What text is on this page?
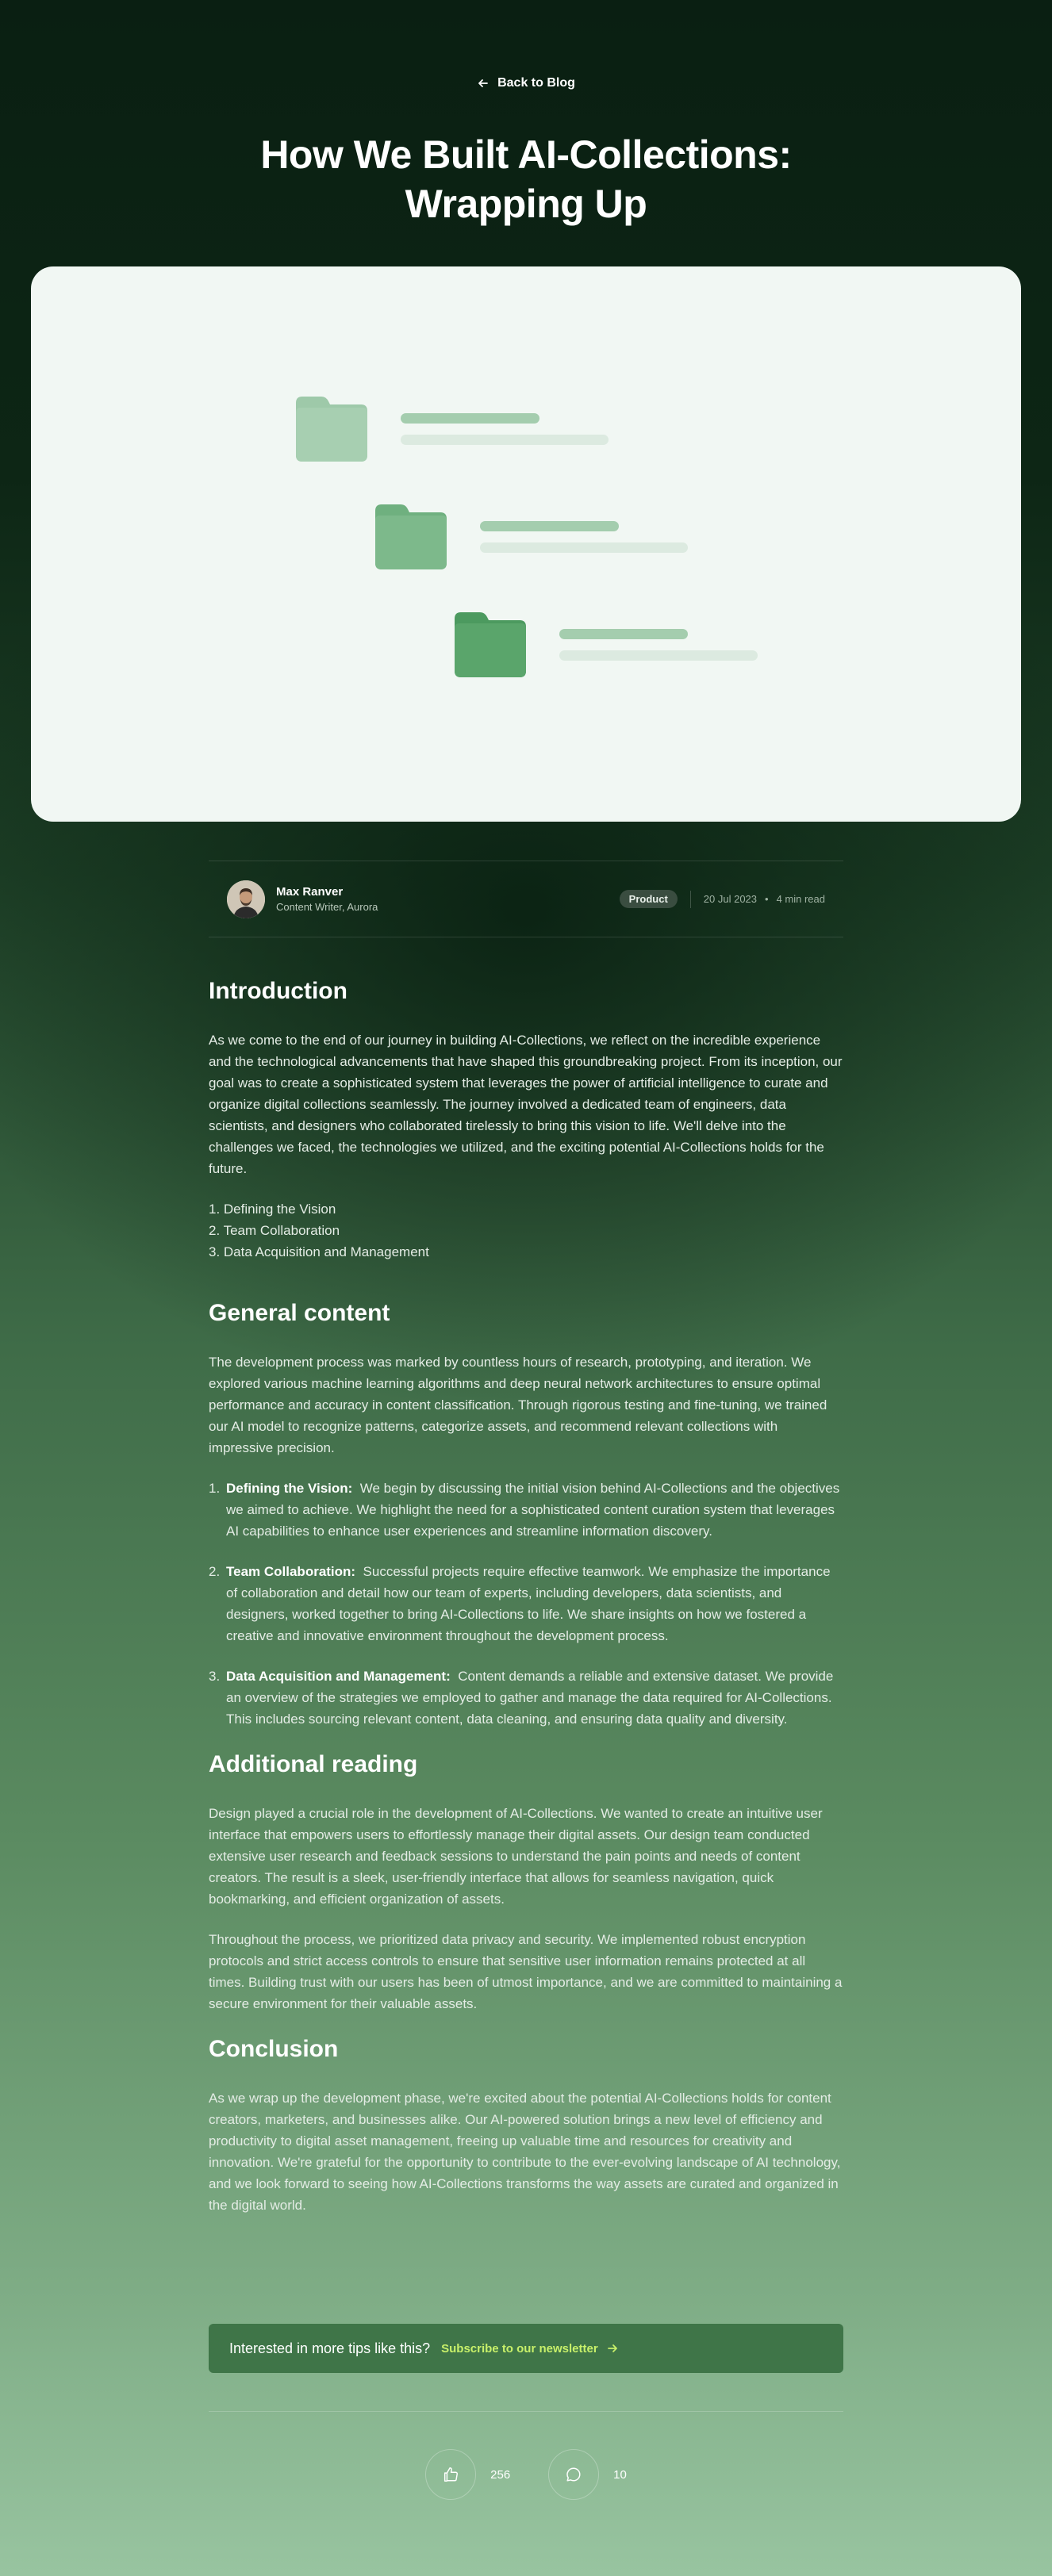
Back to Blog
How We Built AI-Collections:
Wrapping Up
Max Ranver
Content Writer, Aurora
Product	20 Jul 2023 • 4 min read
Introduction

As we come to the end of our journey in building AI-Collections, we reflect on the incredible experience and the technological advancements that have shaped this groundbreaking project. From its inception, our goal was to create a sophisticated system that leverages the power of artificial intelligence to curate and organize digital collections seamlessly. The journey involved a dedicated team of engineers, data scientists, and designers who collaborated tirelessly to bring this vision to life. We'll delve into the challenges we faced, the technologies we utilized, and the exciting potential AI-Collections holds for the future.

1. Defining the Vision
2. Team Collaboration
3. Data Acquisition and Management
General content

The development process was marked by countless hours of research, prototyping, and iteration. We explored various machine learning algorithms and deep neural network architectures to ensure optimal performance and accuracy in content classification. Through rigorous testing and fine-tuning, we trained our AI model to recognize patterns, categorize assets, and recommend relevant collections with impressive precision.

1. Defining the Vision: We begin by discussing the initial vision behind AI-Collections and the objectives we aimed to achieve. We highlight the need for a sophisticated content curation system that leverages AI capabilities to enhance user experiences and streamline information discovery.
2. Team Collaboration: Successful projects require effective teamwork. We emphasize the importance of collaboration and detail how our team of experts, including developers, data scientists, and designers, worked together to bring AI-Collections to life. We share insights on how we fostered a creative and innovative environment throughout the development process.
3. Data Acquisition and Management: Content demands a reliable and extensive dataset. We provide an overview of the strategies we employed to gather and manage the data required for AI-Collections. This includes sourcing relevant content, data cleaning, and ensuring data quality and diversity.
Additional reading

Design played a crucial role in the development of AI-Collections. We wanted to create an intuitive user interface that empowers users to effortlessly manage their digital assets. Our design team conducted extensive user research and feedback sessions to understand the pain points and needs of content creators. The result is a sleek, user-friendly interface that allows for seamless navigation, quick bookmarking, and efficient organization of assets.

Throughout the process, we prioritized data privacy and security. We implemented robust encryption protocols and strict access controls to ensure that sensitive user information remains protected at all times. Building trust with our users has been of utmost importance, and we are committed to maintaining a secure environment for their valuable assets.

Conclusion

As we wrap up the development phase, we're excited about the potential AI-Collections holds for content creators, marketers, and businesses alike. Our AI-powered solution brings a new level of efficiency and productivity to digital asset management, freeing up valuable time and resources for creativity and innovation. We're grateful for the opportunity to contribute to the ever-evolving landscape of AI technology, and we look forward to seeing how AI-Collections transforms the way assets are curated and organized in the digital world.

Interested in more tips like this? Subscribe to our newsletter
256	10
